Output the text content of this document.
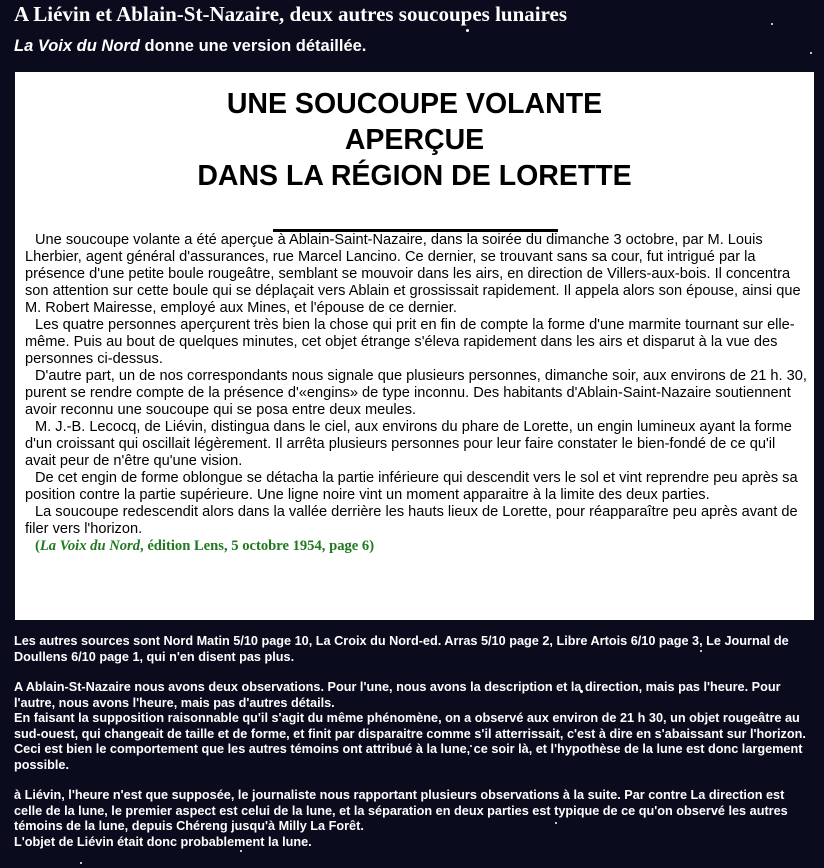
A Liévin et Ablain-St-Nazaire, deux autres soucoupes lunaires

La Voix du Nord donne une version détaillée.

UNE SOUCOUPE VOLANTE
APERÇUE
DANS LA RÉGION DE LORETTE

Une soucoupe volante a été aperçue à Ablain-Saint-Nazaire, dans la soirée du dimanche 3 octobre, par M. Louis Lherbier, agent général d'assurances, rue Marcel Lancino. Ce dernier, se trouvant sans sa cour, fut intrigué par la présence d'une petite boule rougeâtre, semblant se mouvoir dans les airs, en direction de Villers-aux-bois. Il concentra son attention sur cette boule qui se déplaçait vers Ablain et grossissait rapidement. Il appela alors son épouse, ainsi que M. Robert Mairesse, employé aux Mines, et l'épouse de ce dernier.

Les quatre personnes aperçurent très bien la chose qui prit en fin de compte la forme d'une marmite tournant sur elle-même. Puis au bout de quelques minutes, cet objet étrange s'éleva rapidement dans les airs et disparut à la vue des personnes ci-dessus.

D'autre part, un de nos correspondants nous signale que plusieurs personnes, dimanche soir, aux environs de 21 h. 30, purent se rendre compte de la présence d'«engins» de type inconnu. Des habitants d'Ablain-Saint-Nazaire soutiennent avoir reconnu une soucoupe qui se posa entre deux meules.

M. J.-B. Lecocq, de Liévin, distingua dans le ciel, aux environs du phare de Lorette, un engin lumineux ayant la forme d'un croissant qui oscillait légèrement. Il arrêta plusieurs personnes pour leur faire constater le bien-fondé de ce qu'il avait peur de n'être qu'une vision.

De cet engin de forme oblongue se détacha la partie inférieure qui descendit vers le sol et vint reprendre peu après sa position contre la partie supérieure. Une ligne noire vint un moment apparaitre à la limite des deux parties.

La soucoupe redescendit alors dans la vallée derrière les hauts lieux de Lorette, pour réapparaître peu après avant de filer vers l'horizon.

(La Voix du Nord, édition Lens, 5 octobre 1954, page 6)

Les autres sources sont Nord Matin 5/10 page 10, La Croix du Nord-ed. Arras 5/10 page 2, Libre Artois 6/10 page 3, Le Journal de Doullens 6/10 page 1, qui n'en disent pas plus.

A Ablain-St-Nazaire nous avons deux observations. Pour l'une, nous avons la description et la direction, mais pas l'heure. Pour l'autre, nous avons l'heure, mais pas d'autres détails.

En faisant la supposition raisonnable qu'il s'agit du même phénomène, on a observé aux environ de 21 h 30, un objet rougeâtre au sud-ouest, qui changeait de taille et de forme, et finit par disparaitre comme s'il atterrissait, c'est à dire en s'abaissant sur l'horizon.

Ceci est bien le comportement que les autres témoins ont attribué à la lune, ce soir là, et l'hypothèse de la lune est donc largement possible.

à Liévin, l'heure n'est que supposée, le journaliste nous rapportant plusieurs observations à la suite. Par contre La direction est celle de la lune, le premier aspect est celui de la lune, et la séparation en deux parties est typique de ce qu'on observé les autres témoins de la lune, depuis Chéreng jusqu'à Milly La Forêt.

L'objet de Liévin était donc probablement la lune.
